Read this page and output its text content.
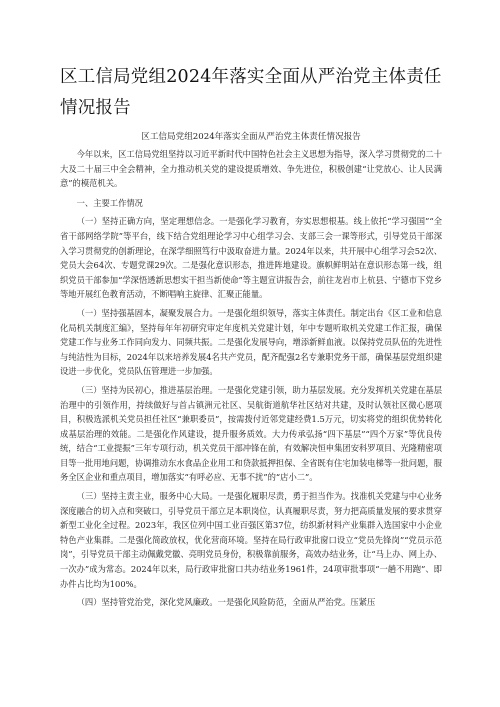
区工信局党组2024年落实全面从严治党主体责任情况报告

区工信局党组2024年落实全面从严治党主体责任情况报告

今年以来，区工信局党组坚持以习近平新时代中国特色社会主义思想为指导，深入学习贯彻党的二十大及二十届三中全会精神，全力推动机关党的建设提质增效、争先进位，积极创建“让党放心、让人民满意”的模范机关。

一、主要工作情况

（一）坚持正确方向，坚定理想信念。一是强化学习教育，夯实思想根基。线上依托“学习强国”“全省干部网络学院”等平台，线下结合党组理论学习中心组学习会、支部三会一课等形式，引导党员干部深入学习贯彻党的创新理论，在深学细照笃行中汲取奋进力量。2024年以来，共开展中心组学习会52次、党员大会64次、专题党课29次。二是强化意识形态，推进阵地建设。旗帜鲜明站在意识形态第一线，组织党员干部参加“学深悟透新思想实干担当新使命”等主题宣讲报告会，前往龙岩市上杭县、宁德市下党乡等地开展红色教育活动，不断唱响主旋律、汇聚正能量。

（一）坚持强基固本，凝聚发展合力。一是强化组织领导，落实主体责任。制定出台《区工业和信息化局机关制度汇编》，坚持每年年初研究审定年度机关党建计划，年中专题听取机关党建工作汇报，确保党建工作与业务工作同向发力、同频共振。二是强化发展导向，增添新鲜血液。以保持党员队伍的先进性与纯洁性为目标，2024年以来培养发展4名共产党员，配齐配强2名专兼职党务干部，确保基层党组织建设进一步优化，党员队伍管理进一步加强。

（三）坚持为民初心，推进基层治理。一是强化党建引领，助力基层发展。充分发挥机关党建在基层治理中的引领作用，持续做好与首占镇洲元社区、吴航街道航华社区结对共建，及时认领社区微心愿项目，积极选派机关党员担任社区“兼职委员”，按需拨付近邻党建经费1.5万元，切实将党的组织优势转化成基层治理的效能。二是强化作风建设，提升服务质效。大力传承弘扬“四下基层”“四个万家”等优良传统，结合“工业提振”三年专项行动，机关党员干部冲锋在前，有效解决恒申集团安科罗项目、光隆精密项目等一批用地问题，协调推动东水食品企业用工和贷款抵押担保、全省既有住宅加装电梯等一批问题，服务全区企业和重点项目，增加落实“有呼必应、无事不扰”的“店小二”。

（三）坚持主责主业，服务中心大局。一是强化履职尽责，勇于担当作为。找准机关党建与中心业务深度融合的切入点和突破口，引导党员干部立足本职岗位，认真履职尽责，努力把高质量发展的要求贯穿新型工业化全过程。2023年，我区位列中国工业百强区第37位，纺织新材料产业集群入选国家中小企业特色产业集群。二是强化简政放权，优化营商环境。坚持在局行政审批窗口设立“党员先锋岗”“党员示范岗”，引导党员干部主动佩戴党徽、亮明党员身份，积极靠前服务，高效办结业务，让“马上办、网上办、一次办”成为常态。2024年以来，局行政审批窗口共办结业务1961件，24项审批事项“一趟不用跑”、即办件占比均为100%。

（四）坚持管党治党，深化党风廉政。一是强化风险防范，全面从严治党。压紧压
